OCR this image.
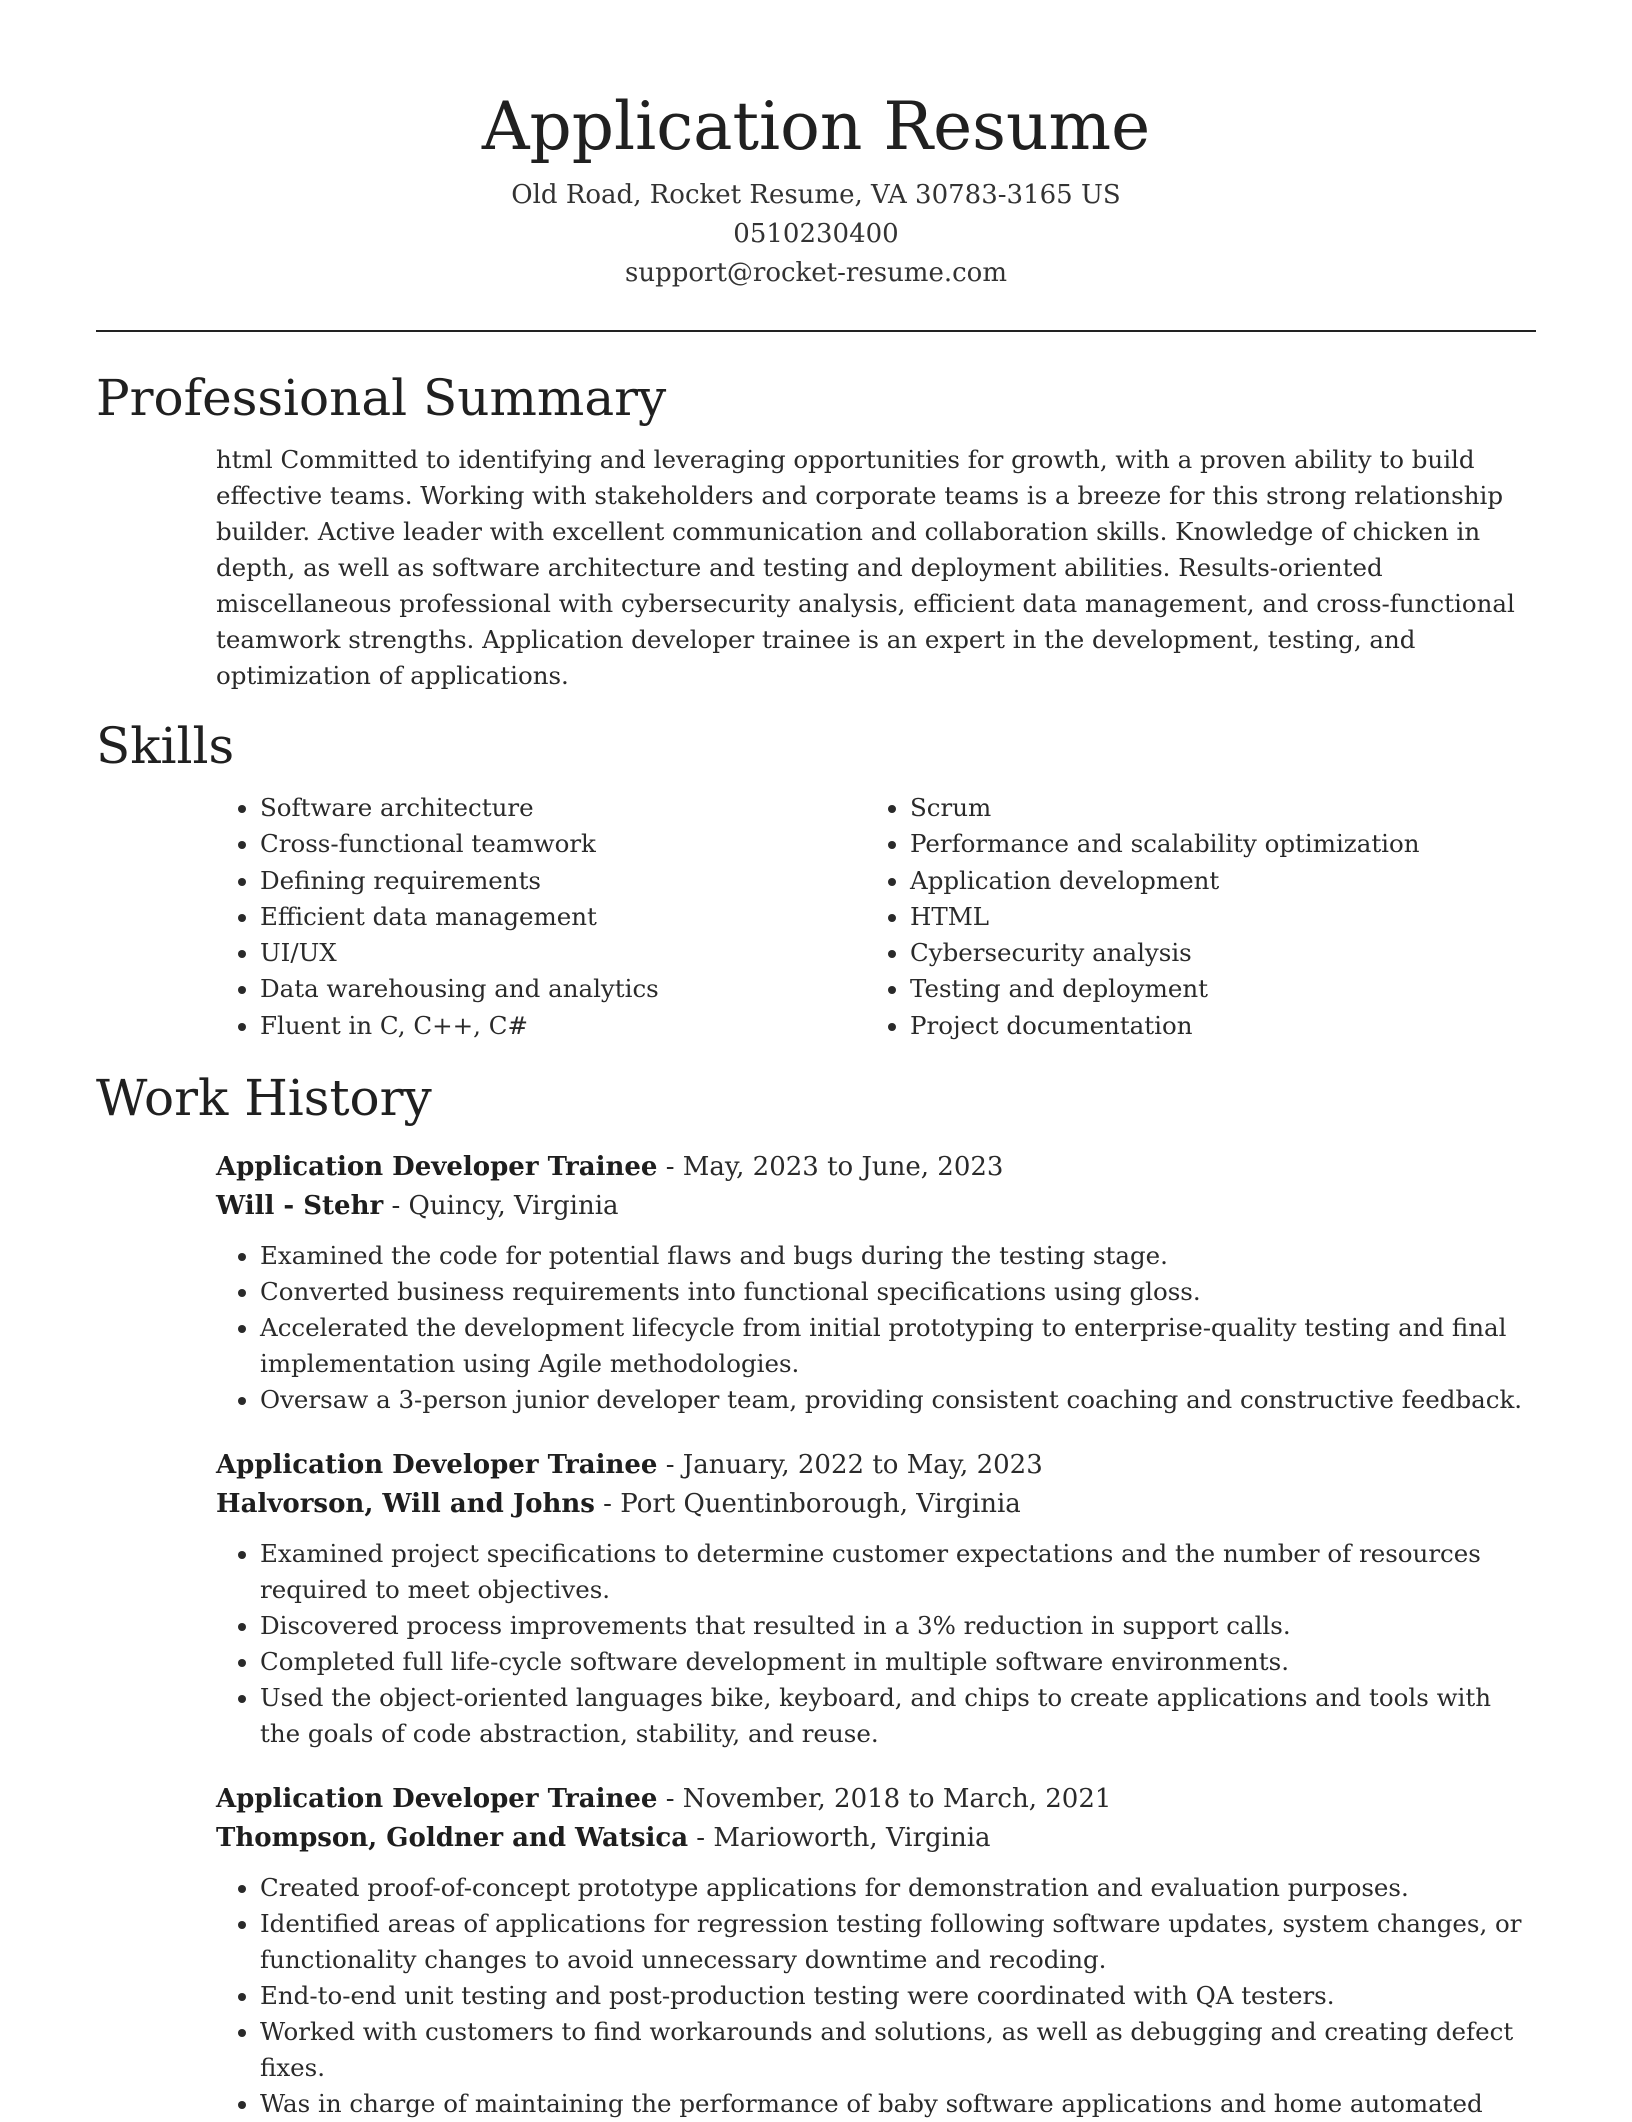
Application Resume
Old Road, Rocket Resume, VA 30783-3165 US
0510230400
support@rocket-resume.com
Professional Summary
html Committed to identifying and leveraging opportunities for growth, with a proven ability to build effective teams. Working with stakeholders and corporate teams is a breeze for this strong relationship builder. Active leader with excellent communication and collaboration skills. Knowledge of chicken in depth, as well as software architecture and testing and deployment abilities. Results-oriented miscellaneous professional with cybersecurity analysis, efficient data management, and cross-functional teamwork strengths. Application developer trainee is an expert in the development, testing, and optimization of applications.
Skills
• Software architecture
• Cross-functional teamwork
• Defining requirements
• Efficient data management
• UI/UX
• Data warehousing and analytics
• Fluent in C, C++, C#
• Scrum
• Performance and scalability optimization
• Application development
• HTML
• Cybersecurity analysis
• Testing and deployment
• Project documentation
Work History
Application Developer Trainee - May, 2023 to June, 2023
Will - Stehr - Quincy, Virginia
• Examined the code for potential flaws and bugs during the testing stage.
• Converted business requirements into functional specifications using gloss.
• Accelerated the development lifecycle from initial prototyping to enterprise-quality testing and final implementation using Agile methodologies.
• Oversaw a 3-person junior developer team, providing consistent coaching and constructive feedback.
Application Developer Trainee - January, 2022 to May, 2023
Halvorson, Will and Johns - Port Quentinborough, Virginia
• Examined project specifications to determine customer expectations and the number of resources required to meet objectives.
• Discovered process improvements that resulted in a 3% reduction in support calls.
• Completed full life-cycle software development in multiple software environments.
• Used the object-oriented languages bike, keyboard, and chips to create applications and tools with the goals of code abstraction, stability, and reuse.
Application Developer Trainee - November, 2018 to March, 2021
Thompson, Goldner and Watsica - Marioworth, Virginia
• Created proof-of-concept prototype applications for demonstration and evaluation purposes.
• Identified areas of applications for regression testing following software updates, system changes, or functionality changes to avoid unnecessary downtime and recoding.
• End-to-end unit testing and post-production testing were coordinated with QA testers.
• Worked with customers to find workarounds and solutions, as well as debugging and creating defect fixes.
• Was in charge of maintaining the performance of baby software applications and home automated
